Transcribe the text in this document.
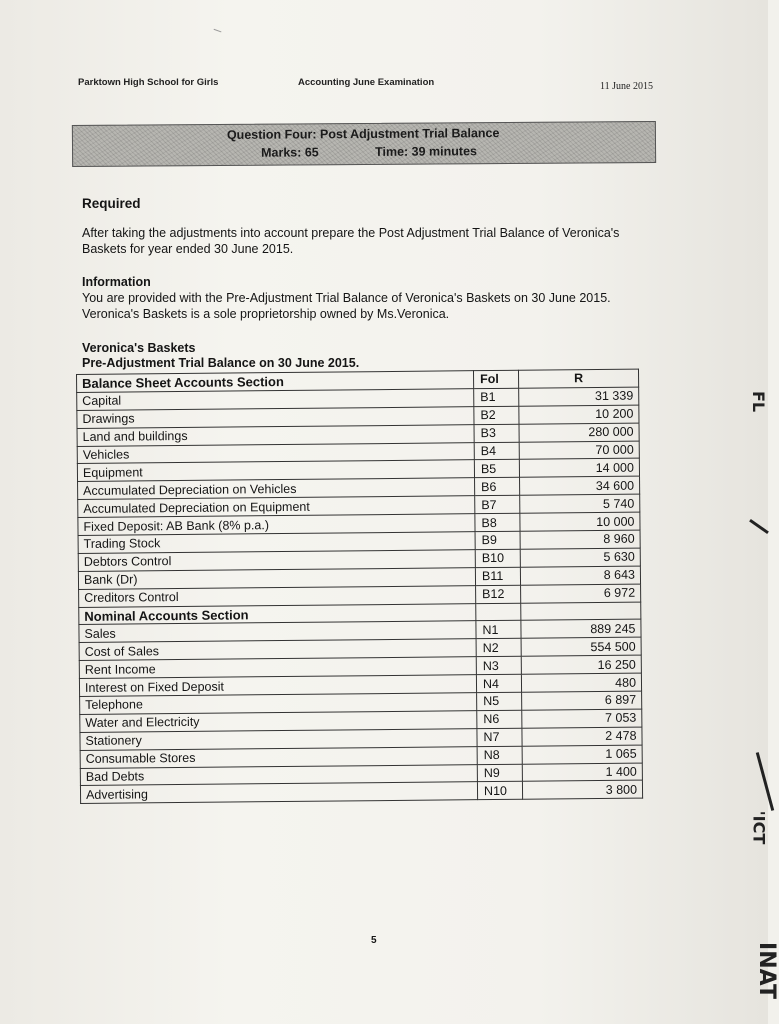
Parktown High School for Girls	Accounting June Examination	11 June 2015
Question Four: Post Adjustment Trial Balance
Marks: 65	Time: 39 minutes
Required
After taking the adjustments into account prepare the Post Adjustment Trial Balance of Veronica's Baskets for year ended 30 June 2015.
Information
You are provided with the Pre-Adjustment Trial Balance of Veronica's Baskets on 30 June 2015. Veronica's Baskets is a sole proprietorship owned by Ms.Veronica.
Veronica's Baskets
Pre-Adjustment Trial Balance on 30 June 2015.
Balance Sheet Accounts Section	Fol	R
Capital	B1	31 339
Drawings	B2	10 200
Land and buildings	B3	280 000
Vehicles	B4	70 000
Equipment	B5	14 000
Accumulated Depreciation on Vehicles	B6	34 600
Accumulated Depreciation on Equipment	B7	5 740
Fixed Deposit: AB Bank (8% p.a.)	B8	10 000
Trading Stock	B9	8 960
Debtors Control	B10	5 630
Bank (Dr)	B11	8 643
Creditors Control	B12	6 972
Nominal Accounts Section		
Sales	N1	889 245
Cost of Sales	N2	554 500
Rent Income	N3	16 250
Interest on Fixed Deposit	N4	480
Telephone	N5	6 897
Water and Electricity	N6	7 053
Stationery	N7	2 478
Consumable Stores	N8	1 065
Bad Debts	N9	1 400
Advertising	N10	3 800
5
FL
'ICT
INAT
